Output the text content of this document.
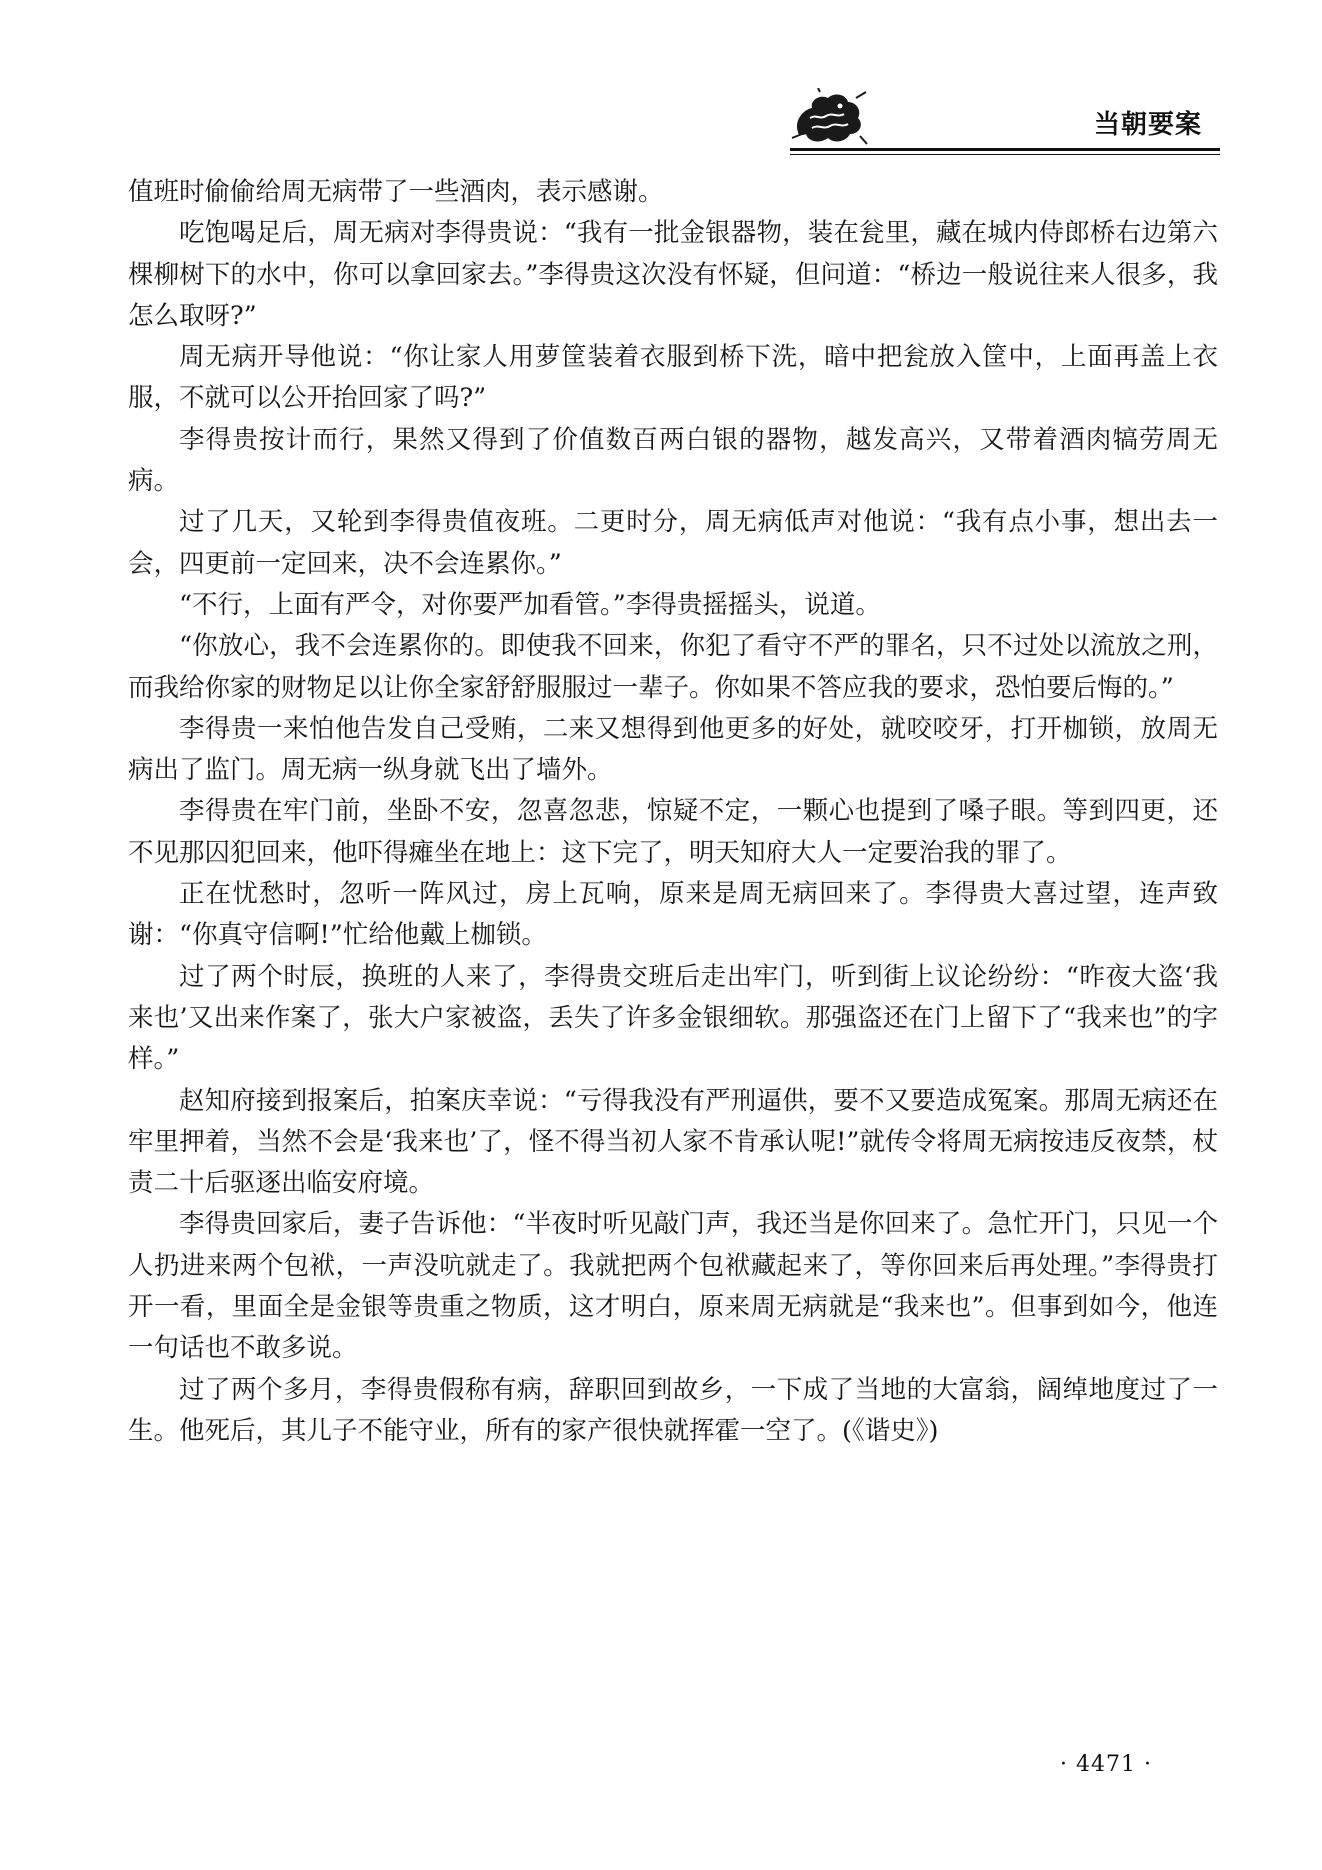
当朝要案

值班时偷偷给周无病带了一些酒肉，表示感谢。

吃饱喝足后，周无病对李得贵说：“我有一批金银器物，装在瓮里，藏在城内侍郎桥右边第六棵柳树下的水中，你可以拿回家去。”李得贵这次没有怀疑，但问道：“桥边一般说往来人很多，我怎么取呀?”

周无病开导他说：“你让家人用萝筐装着衣服到桥下洗，暗中把瓮放入筐中，上面再盖上衣服，不就可以公开抬回家了吗?”

李得贵按计而行，果然又得到了价值数百两白银的器物，越发高兴，又带着酒肉犒劳周无病。

过了几天，又轮到李得贵值夜班。二更时分，周无病低声对他说：“我有点小事，想出去一会，四更前一定回来，决不会连累你。”

“不行，上面有严令，对你要严加看管。”李得贵摇摇头，说道。

“你放心，我不会连累你的。即使我不回来，你犯了看守不严的罪名，只不过处以流放之刑，而我给你家的财物足以让你全家舒舒服服过一辈子。你如果不答应我的要求，恐怕要后悔的。”

李得贵一来怕他告发自己受贿，二来又想得到他更多的好处，就咬咬牙，打开枷锁，放周无病出了监门。周无病一纵身就飞出了墙外。

李得贵在牢门前，坐卧不安，忽喜忽悲，惊疑不定，一颗心也提到了嗓子眼。等到四更，还不见那囚犯回来，他吓得瘫坐在地上：这下完了，明天知府大人一定要治我的罪了。

正在忧愁时，忽听一阵风过，房上瓦响，原来是周无病回来了。李得贵大喜过望，连声致谢：“你真守信啊!”忙给他戴上枷锁。

过了两个时辰，换班的人来了，李得贵交班后走出牢门，听到街上议论纷纷：“昨夜大盗‘我来也’又出来作案了，张大户家被盗，丢失了许多金银细软。那强盗还在门上留下了“我来也”的字样。”

赵知府接到报案后，拍案庆幸说：“亏得我没有严刑逼供，要不又要造成冤案。那周无病还在牢里押着，当然不会是‘我来也’了，怪不得当初人家不肯承认呢!”就传令将周无病按违反夜禁，杖责二十后驱逐出临安府境。

李得贵回家后，妻子告诉他：“半夜时听见敲门声，我还当是你回来了。急忙开门，只见一个人扔进来两个包袱，一声没吭就走了。我就把两个包袱藏起来了，等你回来后再处理。”李得贵打开一看，里面全是金银等贵重之物质，这才明白，原来周无病就是“我来也”。但事到如今，他连一句话也不敢多说。

过了两个多月，李得贵假称有病，辞职回到故乡，一下成了当地的大富翁，阔绰地度过了一生。他死后，其儿子不能守业，所有的家产很快就挥霍一空了。(《谐史》)

· 4471 ·
